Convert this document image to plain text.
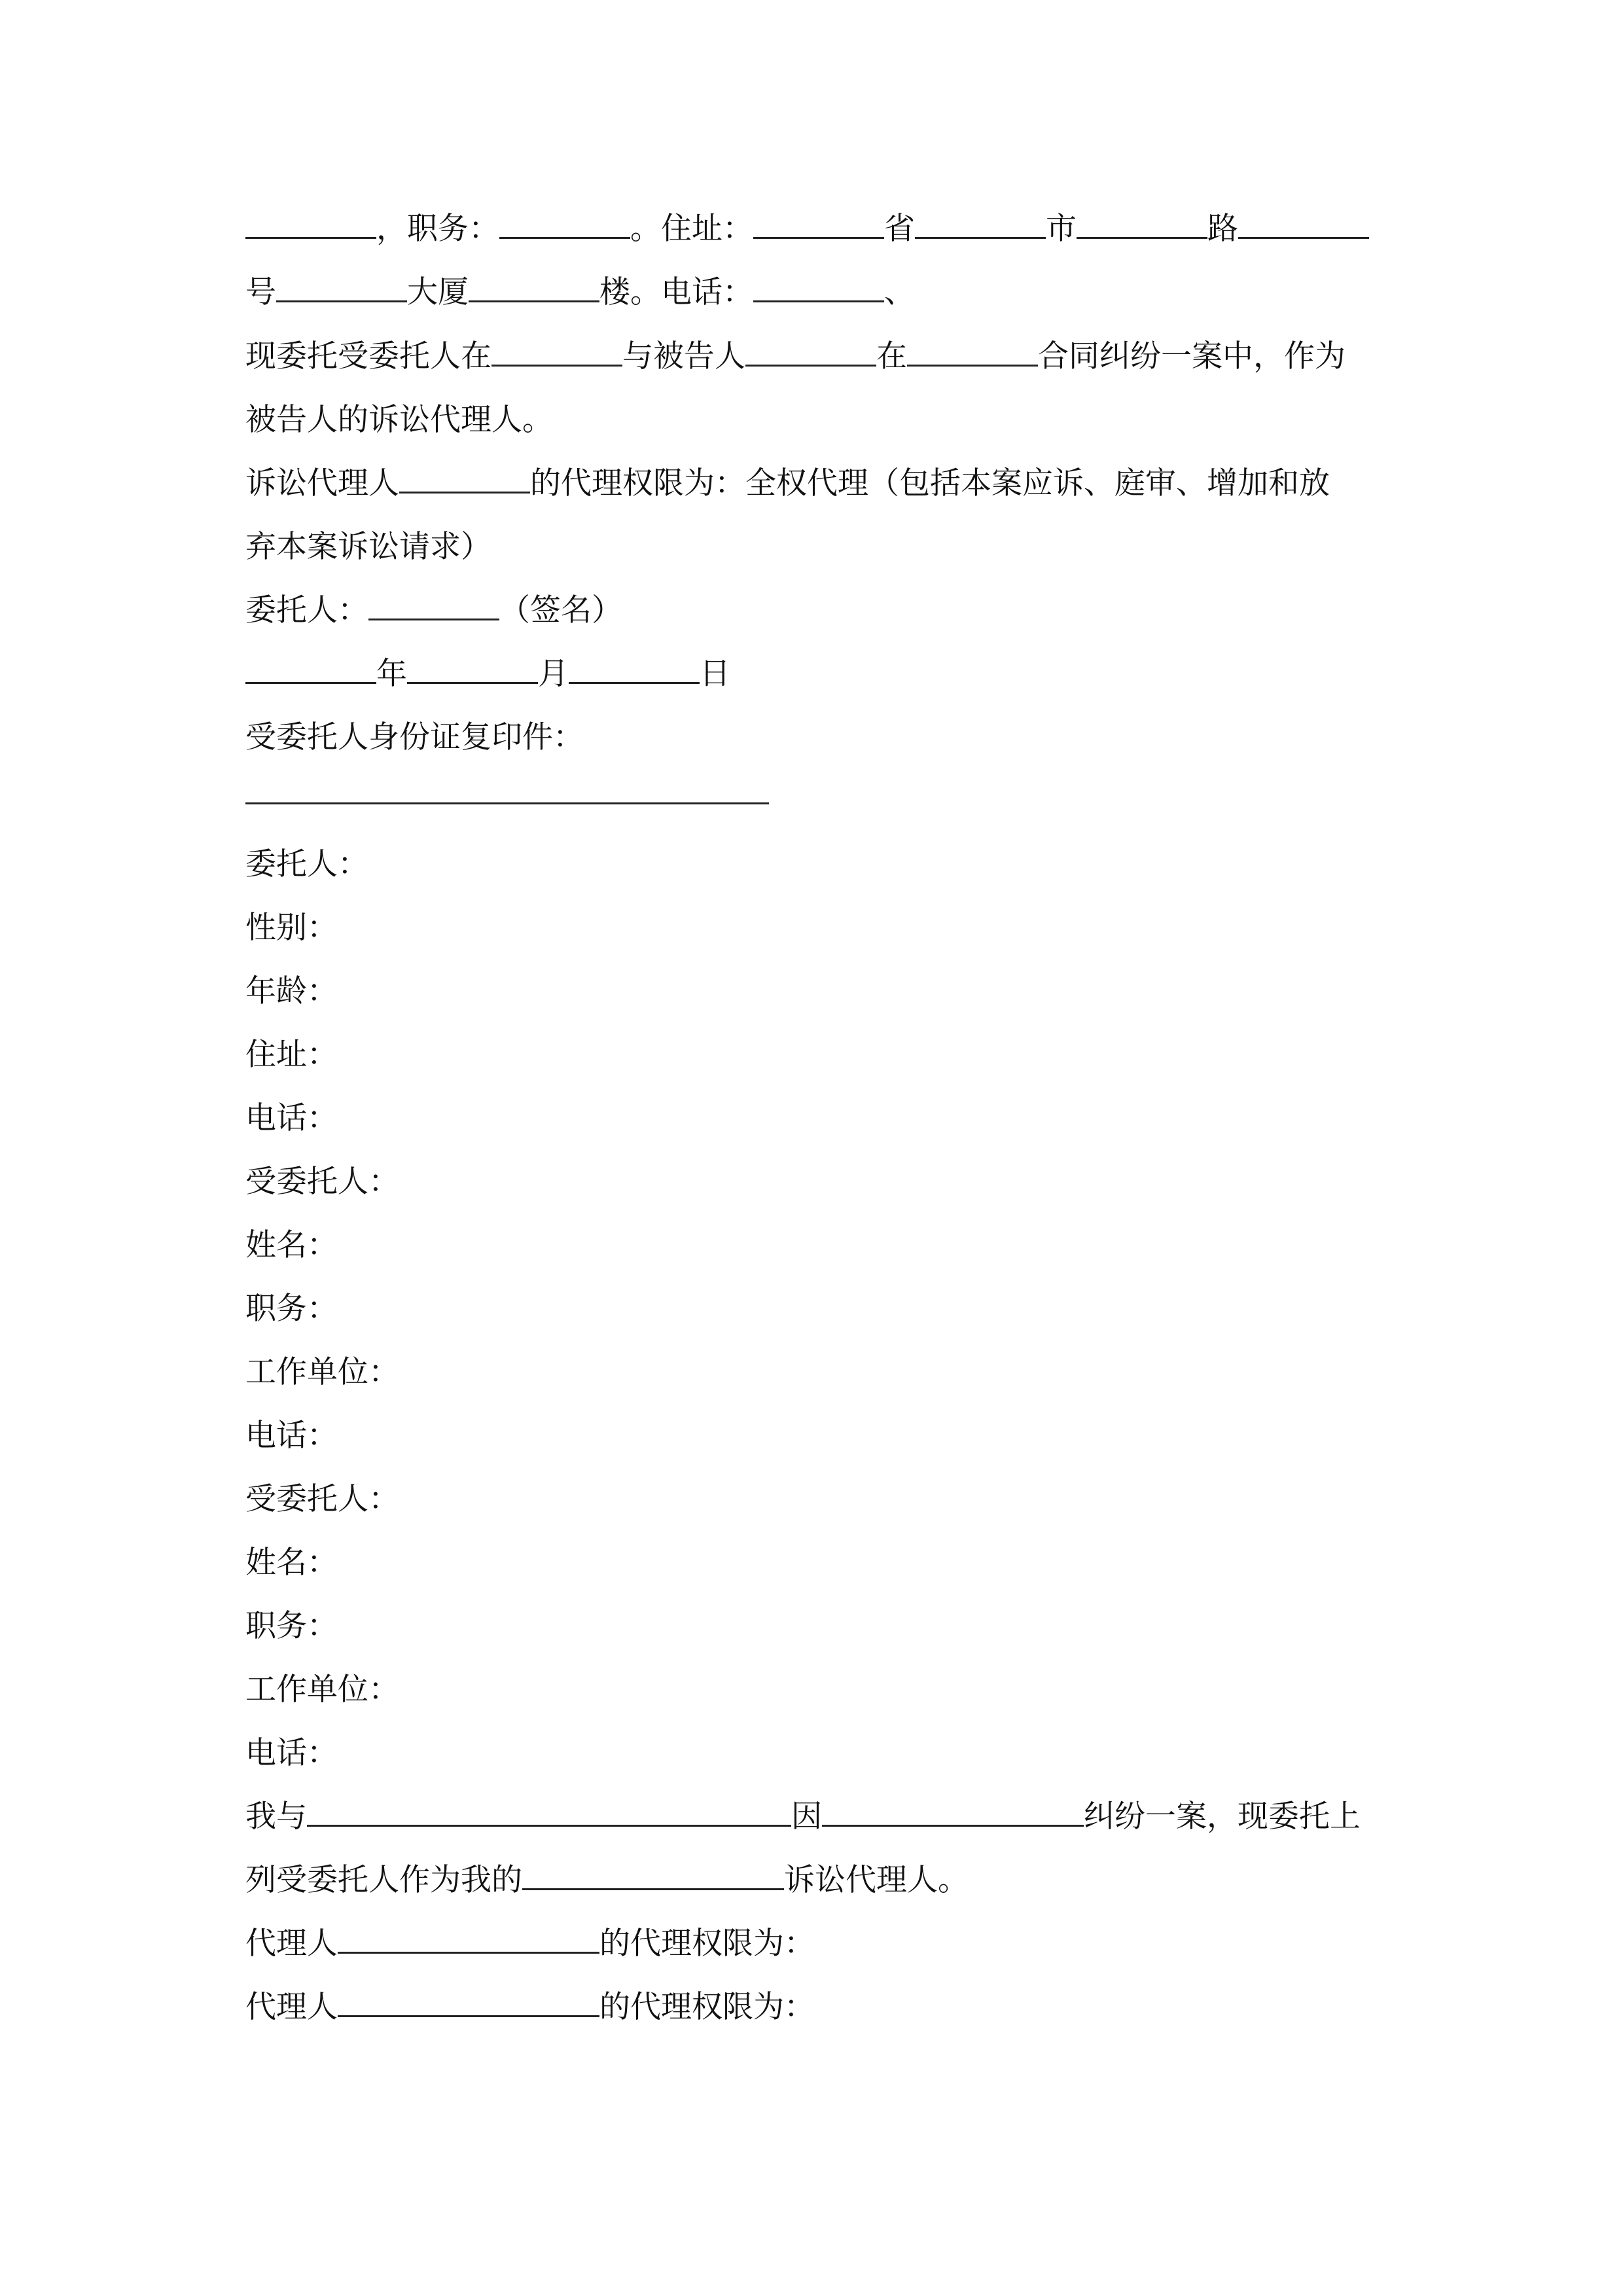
，职务：	。住址：	省	市	路
号	大厦	楼。电话：	、
现委托受委托人在	与被告人	在	合同纠纷一案中，作为
被告人的诉讼代理人。
诉讼代理人	的代理权限为：全权代理（包括本案应诉、庭审、增加和放
弃本案诉讼请求）
委托人：	（签名）
年	月	日
受委托人身份证复印件：
委托人：
性别：
年龄：
住址：
电话：
受委托人：
姓名：
职务：
工作单位：
电话：
受委托人：
姓名：
职务：
工作单位：
电话：
我与	因	纠纷一案，现委托上
列受委托人作为我的	诉讼代理人。
代理人	的代理权限为：
代理人	的代理权限为：
